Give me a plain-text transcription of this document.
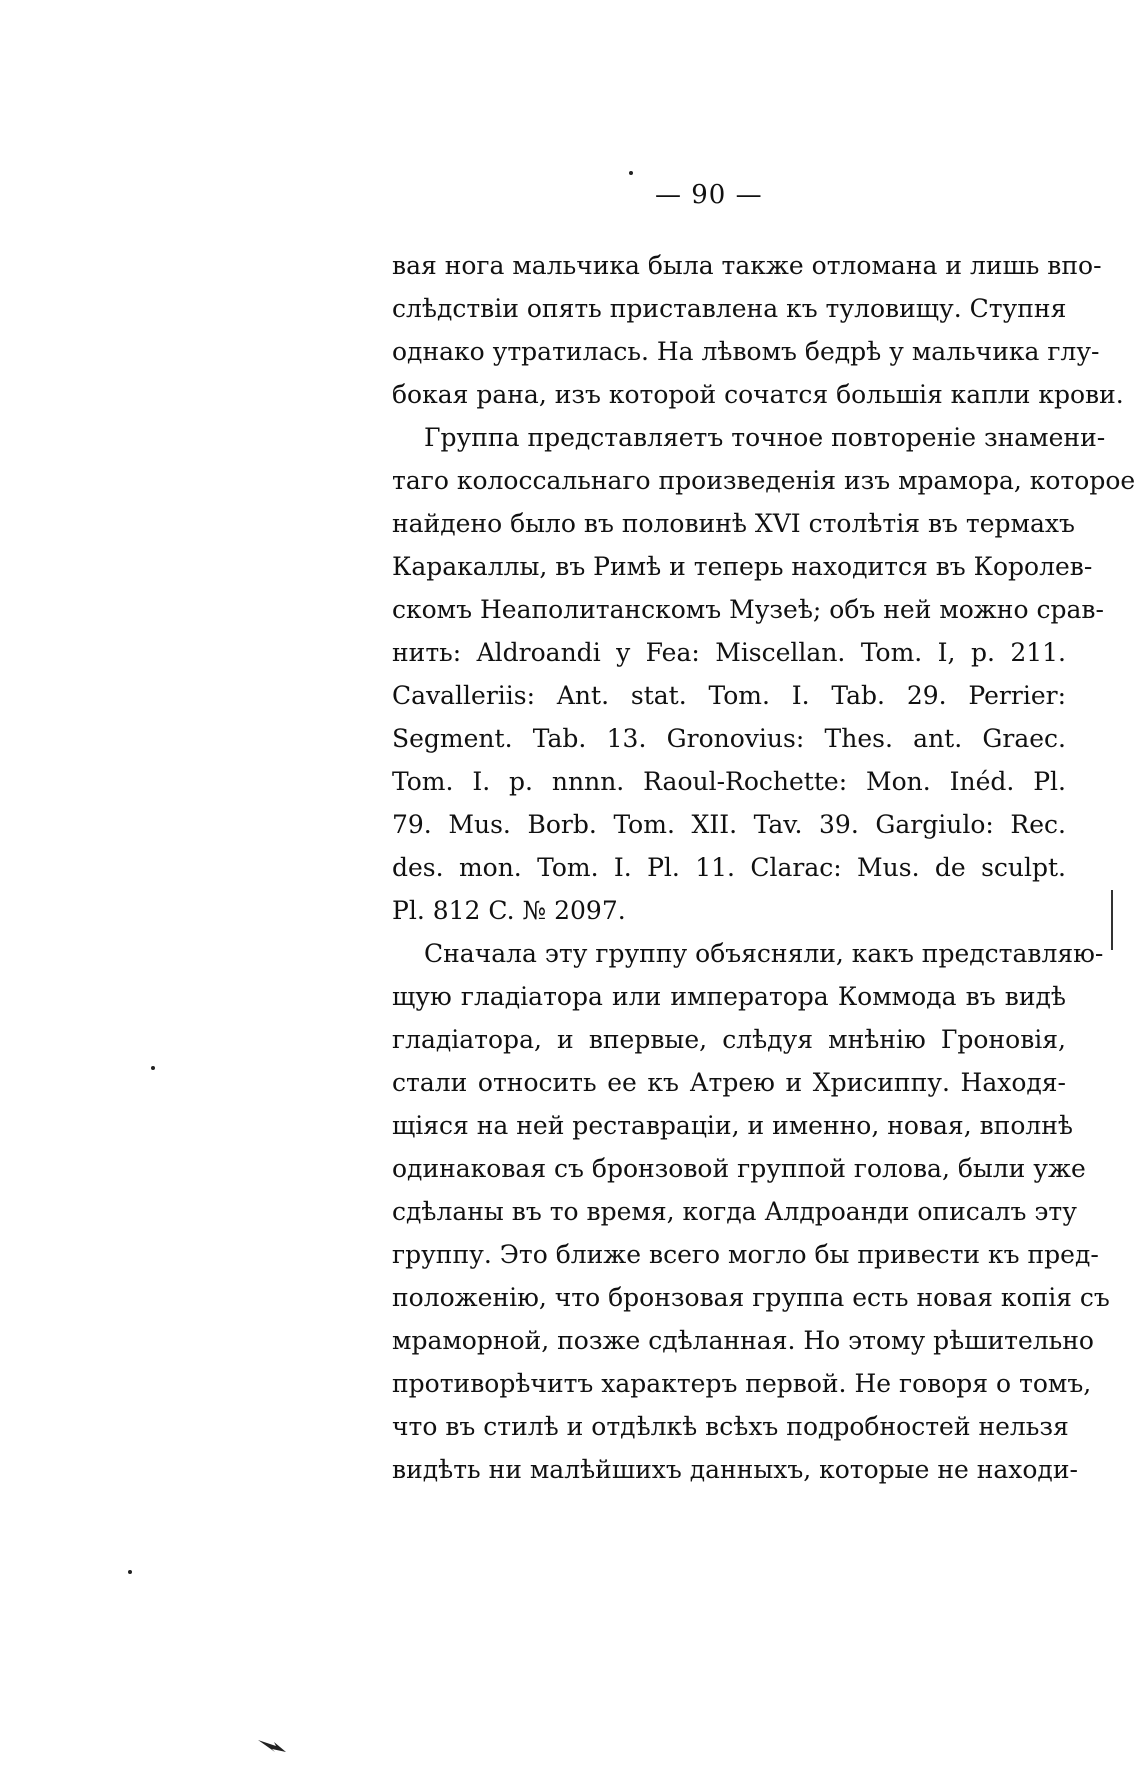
— 90 —
вая нога мальчика была также отломана и лишь впо-
слѣдствіи опять приставлена къ туловищу. Ступня
однако утратилась. На лѣвомъ бедрѣ у мальчика глу-
бокая рана, изъ которой сочатся большія капли крови.
Группа представляетъ точное повтореніе знамени-
таго колоссальнаго произведенія изъ мрамора, которое
найдено было въ половинѣ XVI столѣтія въ термахъ
Каракаллы, въ Римѣ и теперь находится въ Королев-
скомъ Неаполитанскомъ Музеѣ; объ ней можно срав-
нить: Aldroandi y Fea: Miscellan. Tom. I, p. 211.
Cavalleriis: Ant. stat. Tom. I. Tab. 29. Perrier:
Segment. Tab. 13. Gronovius: Thes. ant. Graec.
Tom. I. p. nnnn. Raoul-Rochette: Mon. Inéd. Pl.
79. Mus. Borb. Tom. XII. Tav. 39. Gargiulo: Rec.
des. mon. Tom. I. Pl. 11. Clarac: Mus. de sculpt.
Pl. 812 C. № 2097.
Сначала эту группу объясняли, какъ представляю-
щую гладіатора или императора Коммода въ видѣ
гладіатора, и впервые, слѣдуя мнѣнію Гроновія,
стали относить ее къ Атрею и Хрисиппу. Находя-
щіяся на ней реставраціи, и именно, новая, вполнѣ
одинаковая съ бронзовой группой голова, были уже
сдѣланы въ то время, когда Алдроанди описалъ эту
группу. Это ближе всего могло бы привести къ пред-
положенію, что бронзовая группа есть новая копія съ
мраморной, позже сдѣланная. Но этому рѣшительно
противорѣчитъ характеръ первой. Не говоря о томъ,
что въ стилѣ и отдѣлкѣ всѣхъ подробностей нельзя
видѣть ни малѣйшихъ данныхъ, которые не находи-
